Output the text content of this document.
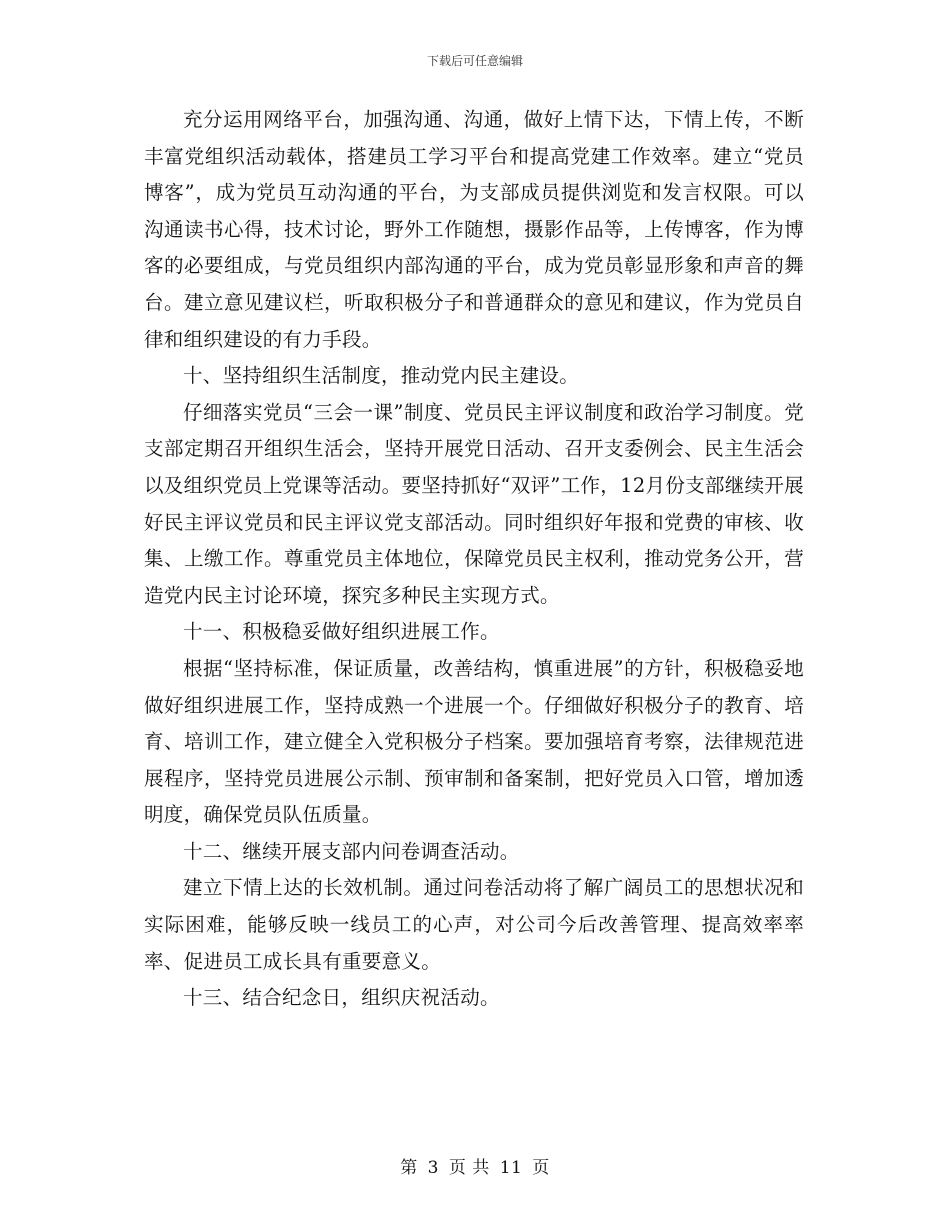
下载后可任意编辑

充分运用网络平台，加强沟通、沟通，做好上情下达，下情上传，不断丰富党组织活动载体，搭建员工学习平台和提高党建工作效率。建立“党员博客”，成为党员互动沟通的平台，为支部成员提供浏览和发言权限。可以沟通读书心得，技术讨论，野外工作随想，摄影作品等，上传博客，作为博客的必要组成，与党员组织内部沟通的平台，成为党员彰显形象和声音的舞台。建立意见建议栏，听取积极分子和普通群众的意见和建议，作为党员自律和组织建设的有力手段。

十、坚持组织生活制度，推动党内民主建设。

仔细落实党员“三会一课”制度、党员民主评议制度和政治学习制度。党支部定期召开组织生活会，坚持开展党日活动、召开支委例会、民主生活会以及组织党员上党课等活动。要坚持抓好“双评”工作，12月份支部继续开展好民主评议党员和民主评议党支部活动。同时组织好年报和党费的审核、收集、上缴工作。尊重党员主体地位，保障党员民主权利，推动党务公开，营造党内民主讨论环境，探究多种民主实现方式。

十一、积极稳妥做好组织进展工作。

根据“坚持标准，保证质量，改善结构，慎重进展”的方针，积极稳妥地做好组织进展工作，坚持成熟一个进展一个。仔细做好积极分子的教育、培育、培训工作，建立健全入党积极分子档案。要加强培育考察，法律规范进展程序，坚持党员进展公示制、预审制和备案制，把好党员入口管，增加透明度，确保党员队伍质量。

十二、继续开展支部内问卷调查活动。

建立下情上达的长效机制。通过问卷活动将了解广阔员工的思想状况和实际困难，能够反映一线员工的心声，对公司今后改善管理、提高效率率率、促进员工成长具有重要意义。

十三、结合纪念日，组织庆祝活动。

第 3 页 共 11 页
